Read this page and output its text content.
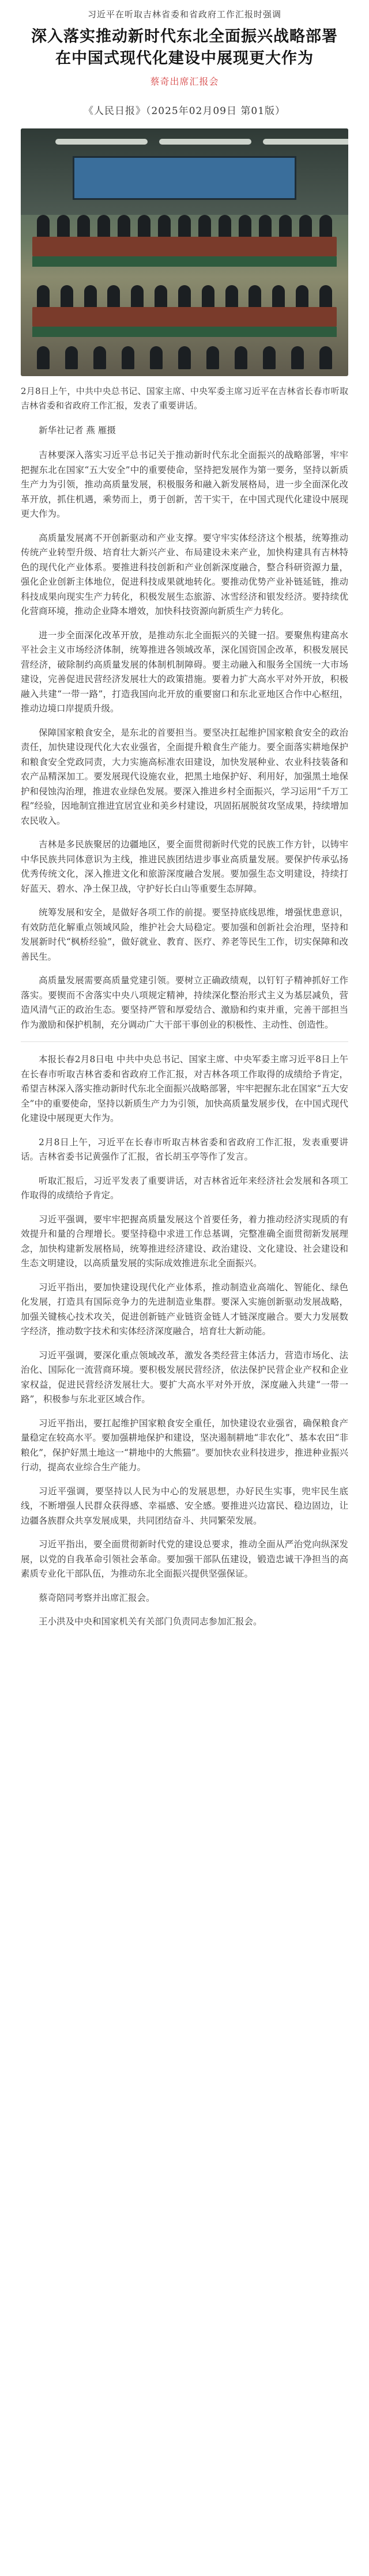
习近平在听取吉林省委和省政府工作汇报时强调
深入落实推动新时代东北全面振兴战略部署
在中国式现代化建设中展现更大作为
蔡奇出席汇报会
《人民日报》（2025年02月09日 第01版）
2月8日上午，中共中央总书记、国家主席、中央军委主席习近平在吉林省长春市听取吉林省委和省政府工作汇报，发表了重要讲话。
新华社记者 燕 雁摄

吉林要深入落实习近平总书记关于推动新时代东北全面振兴的战略部署，牢牢把握东北在国家“五大安全”中的重要使命，坚持把发展作为第一要务，坚持以新质生产力为引领，推动高质量发展，积极服务和融入新发展格局，进一步全面深化改革开放，抓住机遇，乘势而上，勇于创新，苦干实干，在中国式现代化建设中展现更大作为。

高质量发展离不开创新驱动和产业支撑。要守牢实体经济这个根基，统筹推动传统产业转型升级、培育壮大新兴产业、布局建设未来产业，加快构建具有吉林特色的现代化产业体系。要推进科技创新和产业创新深度融合，整合科研资源力量，强化企业创新主体地位，促进科技成果就地转化。要推动优势产业补链延链，推动科技成果向现实生产力转化，积极发展生态旅游、冰雪经济和银发经济。要持续优化营商环境，推动企业降本增效，加快科技资源向新质生产力转化。

进一步全面深化改革开放，是推动东北全面振兴的关键一招。要聚焦构建高水平社会主义市场经济体制，统筹推进各领域改革，深化国资国企改革，积极发展民营经济，破除制约高质量发展的体制机制障碍。要主动融入和服务全国统一大市场建设，完善促进民营经济发展壮大的政策措施。要着力扩大高水平对外开放，积极融入共建“一带一路”，打造我国向北开放的重要窗口和东北亚地区合作中心枢纽，推动边境口岸提质升级。

保障国家粮食安全，是东北的首要担当。要坚决扛起维护国家粮食安全的政治责任，加快建设现代化大农业强省，全面提升粮食生产能力。要全面落实耕地保护和粮食安全党政同责，大力实施高标准农田建设，加快发展种业、农业科技装备和农产品精深加工。要发展现代设施农业，把黑土地保护好、利用好，加强黑土地保护和侵蚀沟治理，推进农业绿色发展。要深入推进乡村全面振兴，学习运用“千万工程”经验，因地制宜推进宜居宜业和美乡村建设，巩固拓展脱贫攻坚成果，持续增加农民收入。

吉林是多民族聚居的边疆地区，要全面贯彻新时代党的民族工作方针，以铸牢中华民族共同体意识为主线，推进民族团结进步事业高质量发展。要保护传承弘扬优秀传统文化，深入推进文化和旅游深度融合发展。要加强生态文明建设，持续打好蓝天、碧水、净土保卫战，守护好长白山等重要生态屏障。

统筹发展和安全，是做好各项工作的前提。要坚持底线思维，增强忧患意识，有效防范化解重点领域风险，维护社会大局稳定。要加强和创新社会治理，坚持和发展新时代“枫桥经验”，做好就业、教育、医疗、养老等民生工作，切实保障和改善民生。

高质量发展需要高质量党建引领。要树立正确政绩观，以钉钉子精神抓好工作落实。要锲而不舍落实中央八项规定精神，持续深化整治形式主义为基层减负，营造风清气正的政治生态。要坚持严管和厚爱结合、激励和约束并重，完善干部担当作为激励和保护机制，充分调动广大干部干事创业的积极性、主动性、创造性。

本报长春2月8日电 中共中央总书记、国家主席、中央军委主席习近平8日上午在长春市听取吉林省委和省政府工作汇报，对吉林各项工作取得的成绩给予肯定，希望吉林深入落实推动新时代东北全面振兴战略部署，牢牢把握东北在国家“五大安全”中的重要使命，坚持以新质生产力为引领，加快高质量发展步伐，在中国式现代化建设中展现更大作为。

2月8日上午，习近平在长春市听取吉林省委和省政府工作汇报，发表重要讲话。吉林省委书记黄强作了汇报，省长胡玉亭等作了发言。

听取汇报后，习近平发表了重要讲话，对吉林省近年来经济社会发展和各项工作取得的成绩给予肯定。

习近平强调，要牢牢把握高质量发展这个首要任务，着力推动经济实现质的有效提升和量的合理增长。要坚持稳中求进工作总基调，完整准确全面贯彻新发展理念，加快构建新发展格局，统筹推进经济建设、政治建设、文化建设、社会建设和生态文明建设，以高质量发展的实际成效推进东北全面振兴。

习近平指出，要加快建设现代化产业体系，推动制造业高端化、智能化、绿色化发展，打造具有国际竞争力的先进制造业集群。要深入实施创新驱动发展战略，加强关键核心技术攻关，促进创新链产业链资金链人才链深度融合。要大力发展数字经济，推动数字技术和实体经济深度融合，培育壮大新动能。

习近平强调，要深化重点领域改革，激发各类经营主体活力，营造市场化、法治化、国际化一流营商环境。要积极发展民营经济，依法保护民营企业产权和企业家权益，促进民营经济发展壮大。要扩大高水平对外开放，深度融入共建“一带一路”，积极参与东北亚区域合作。

习近平指出，要扛起维护国家粮食安全重任，加快建设农业强省，确保粮食产量稳定在较高水平。要加强耕地保护和建设，坚决遏制耕地“非农化”、基本农田“非粮化”，保护好黑土地这一“耕地中的大熊猫”。要加快农业科技进步，推进种业振兴行动，提高农业综合生产能力。

习近平强调，要坚持以人民为中心的发展思想，办好民生实事，兜牢民生底线，不断增强人民群众获得感、幸福感、安全感。要推进兴边富民、稳边固边，让边疆各族群众共享发展成果，共同团结奋斗、共同繁荣发展。

习近平指出，要全面贯彻新时代党的建设总要求，推动全面从严治党向纵深发展，以党的自我革命引领社会革命。要加强干部队伍建设，锻造忠诚干净担当的高素质专业化干部队伍，为推动东北全面振兴提供坚强保证。

蔡奇陪同考察并出席汇报会。

王小洪及中央和国家机关有关部门负责同志参加汇报会。
